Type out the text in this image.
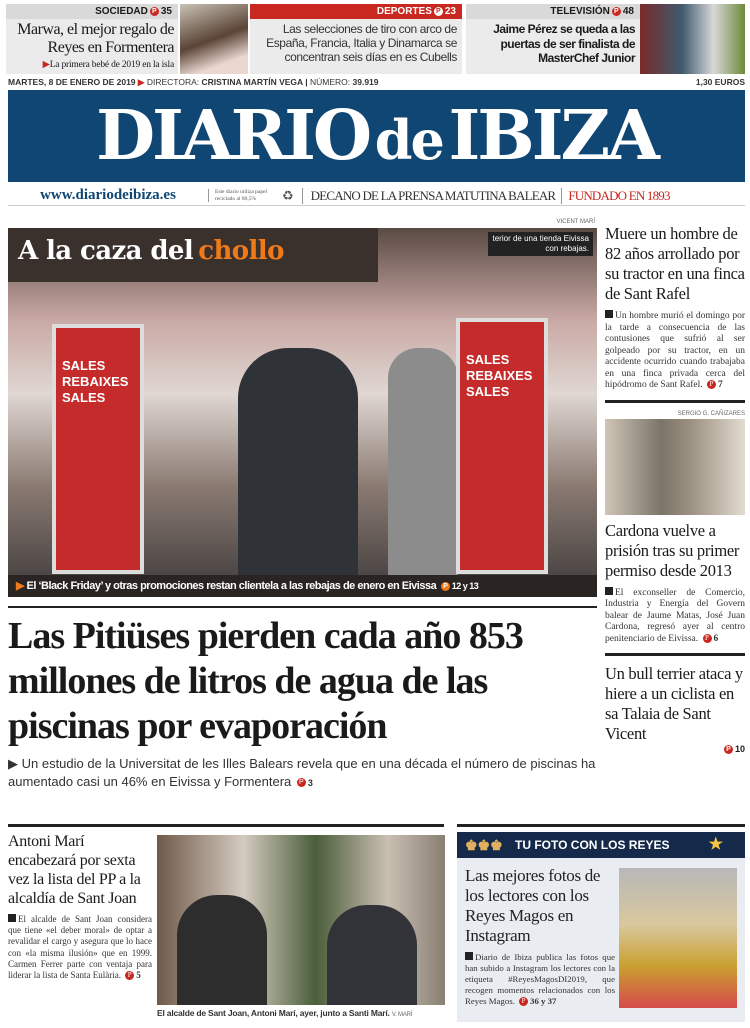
SOCIEDAD P 35
Marwa, el mejor regalo de Reyes en Formentera
▶La primera bebé de 2019 en la isla
DEPORTES P 23
Las selecciones de tiro con arco de España, Francia, Italia y Dinamarca se concentran seis días en es Cubells
TELEVISIÓN P 48
Jaime Pérez se queda a las puertas de ser finalista de MasterChef Junior
MARTES, 8 DE ENERO DE 2019 ▶ DIRECTORA: CRISTINA MARTÍN VEGA | NÚMERO: 39.919	1,30 EUROS
DIARIO de IBIZA
www.diariodeibiza.es	Este diario utiliza papel reciclado al 80,5%	♻	DECANO DE LA PRENSA MATUTINA BALEAR	FUNDADO EN 1893
VICENT MARÍ
SALES REBAIXES SALES
SALES REBAIXES SALES
A la caza del chollo	terior de una tienda Eivissa con rebajas.
▶ El ‘Black Friday’ y otras promociones restan clientela a las rebajas de enero en Eivissa P 12 y 13
Las Pitiüses pierden cada año 853 millones de litros de agua de las piscinas por evaporación
▶ Un estudio de la Universitat de les Illes Balears revela que en una década el número de piscinas ha aumentado casi un 46% en Eivissa y Formentera P 3
Muere un hombre de 82 años arrollado por su tractor en una finca de Sant Rafel
Un hombre murió el domingo por la tarde a consecuencia de las contusiones que sufrió al ser golpeado por su tractor, en un accidente ocurrido cuando trabajaba en una finca privada cerca del hipódromo de Sant Rafel. P 7
SERGIO G. CAÑIZARES
Cardona vuelve a prisión tras su primer permiso desde 2013
El exconseller de Comercio, Industria y Energía del Govern balear de Jaume Matas, José Juan Cardona, regresó ayer al centro penitenciario de Eivissa. P 6
Un bull terrier ataca y hiere a un ciclista en sa Talaia de Sant Vicent
P 10
Antoni Marí encabezará por sexta vez la lista del PP a la alcaldía de Sant Joan
El alcalde de Sant Joan considera que tiene «el deber moral» de optar a revalidar el cargo y asegura que lo hace con «la misma ilusión» que en 1999. Carmen Ferrer parte con ventaja para liderar la lista de Santa Eulària. P 5
El alcalde de Sant Joan, Antoni Marí, ayer, junto a Santi Marí. V. MARÍ
♚♚♚ TU FOTO CON LOS REYES ★
Las mejores fotos de los lectores con los Reyes Magos en Instagram
Diario de Ibiza publica las fotos que han subido a Instagram los lectores con la etiqueta #ReyesMagosDI2019, que recogen momentos relacionados con los Reyes Magos. P 36 y 37
